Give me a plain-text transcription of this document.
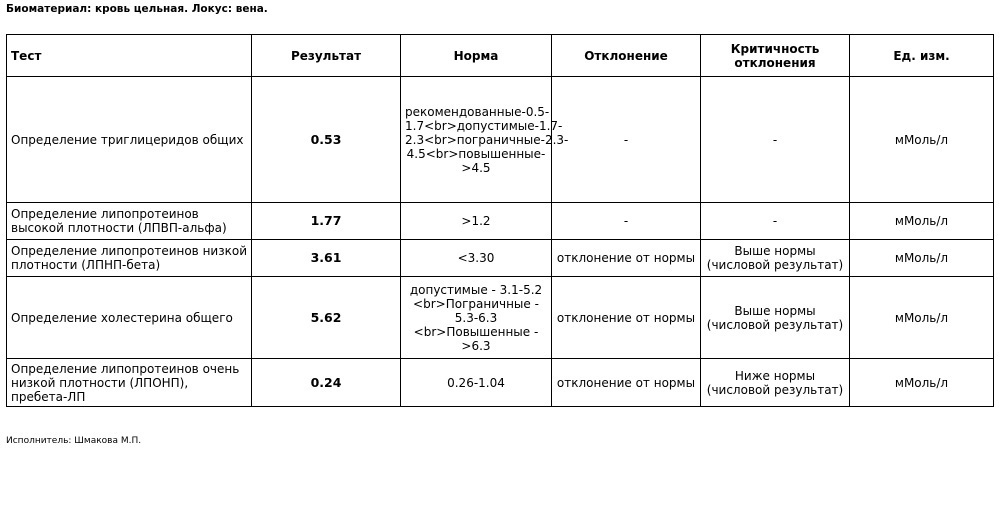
Биоматериал: кровь цельная. Локус: вена.
Тест	Результат	Норма	Отклонение	Критичность отклонения	Ед. изм.
Определение триглицеридов общих	0.53	рекомендованные-0.5-1.7<br>допустимые-1.7-2.3<br>пограничные-2.3-4.5<br>повышенные->4.5	-	-	мМоль/л
Определение липопротеинов высокой плотности (ЛПВП-альфа)	1.77	>1.2	-	-	мМоль/л
Определение липопротеинов низкой плотности (ЛПНП-бета)	3.61	<3.30	отклонение от нормы	Выше нормы (числовой результат)	мМоль/л
Определение холестерина общего	5.62	допустимые - 3.1-5.2 <br>Пограничные - 5.3-6.3 <br>Повышенные - >6.3	отклонение от нормы	Выше нормы (числовой результат)	мМоль/л
Определение липопротеинов очень низкой плотности (ЛПОНП), пребета-ЛП	0.24	0.26-1.04	отклонение от нормы	Ниже нормы (числовой результат)	мМоль/л
Исполнитель: Шмакова М.П.
